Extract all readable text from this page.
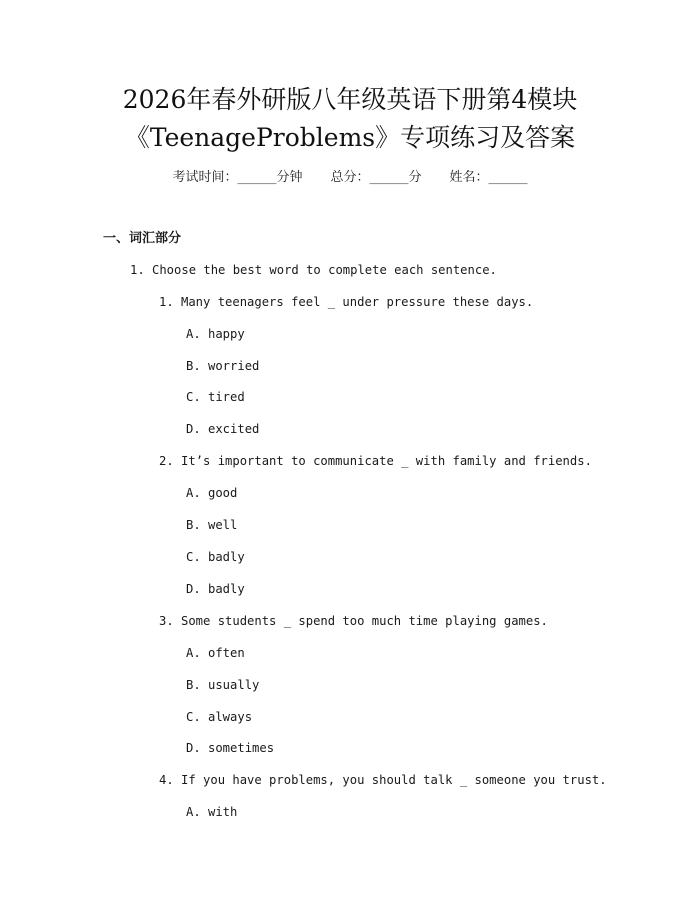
2026年春外研版八年级英语下册第4模块
《TeenageProblems》专项练习及答案
考试时间：______分钟 总分：______分 姓名：______
一、词汇部分
1. Choose the best word to complete each sentence.
1. Many teenagers feel _ under pressure these days.
A. happy
B. worried
C. tired
D. excited
2. It’s important to communicate _ with family and friends.
A. good
B. well
C. badly
D. badly
3. Some students _ spend too much time playing games.
A. often
B. usually
C. always
D. sometimes
4. If you have problems, you should talk _ someone you trust.
A. with
